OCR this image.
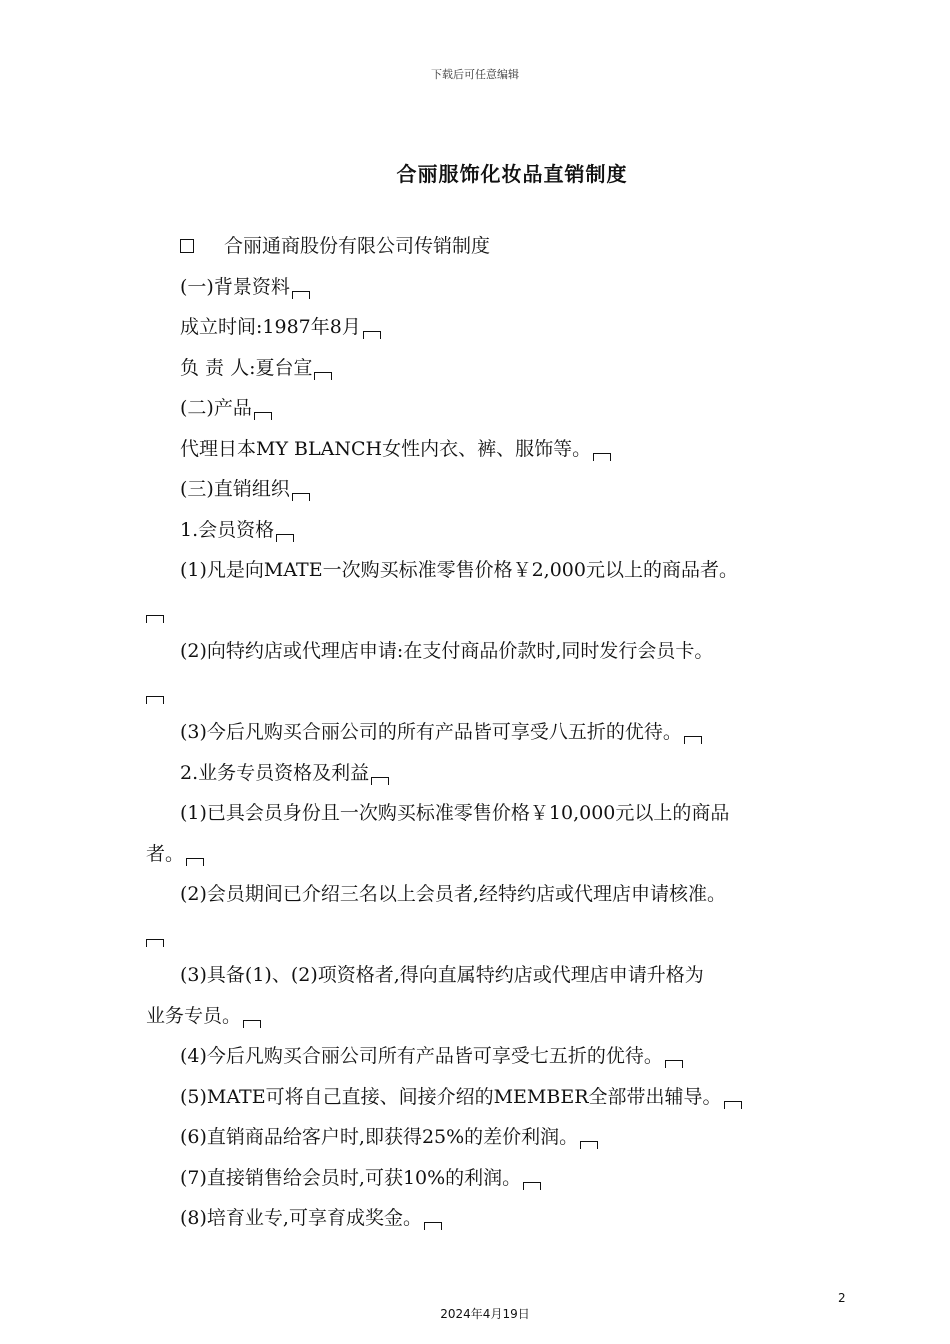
下载后可任意编辑
合丽服饰化妆品直销制度
合丽通商股份有限公司传销制度
(一)背景资料
成立时间:1987年8月
负 责 人:夏台宣
(二)产品
代理日本MY BLANCH女性内衣、裤、服饰等。
(三)直销组织
1.会员资格
(1)凡是向MATE一次购买标准零售价格￥2,000元以上的商品者。
(2)向特约店或代理店申请:在支付商品价款时,同时发行会员卡。
(3)今后凡购买合丽公司的所有产品皆可享受八五折的优待。
2.业务专员资格及利益
(1)已具会员身份且一次购买标准零售价格￥10,000元以上的商品
者。
(2)会员期间已介绍三名以上会员者,经特约店或代理店申请核准。
(3)具备(1)、(2)项资格者,得向直属特约店或代理店申请升格为
业务专员。
(4)今后凡购买合丽公司所有产品皆可享受七五折的优待。
(5)MATE可将自己直接、间接介绍的MEMBER全部带出辅导。
(6)直销商品给客户时,即获得25%的差价利润。
(7)直接销售给会员时,可获10%的利润。
(8)培育业专,可享育成奖金。
2
2024年4月19日
